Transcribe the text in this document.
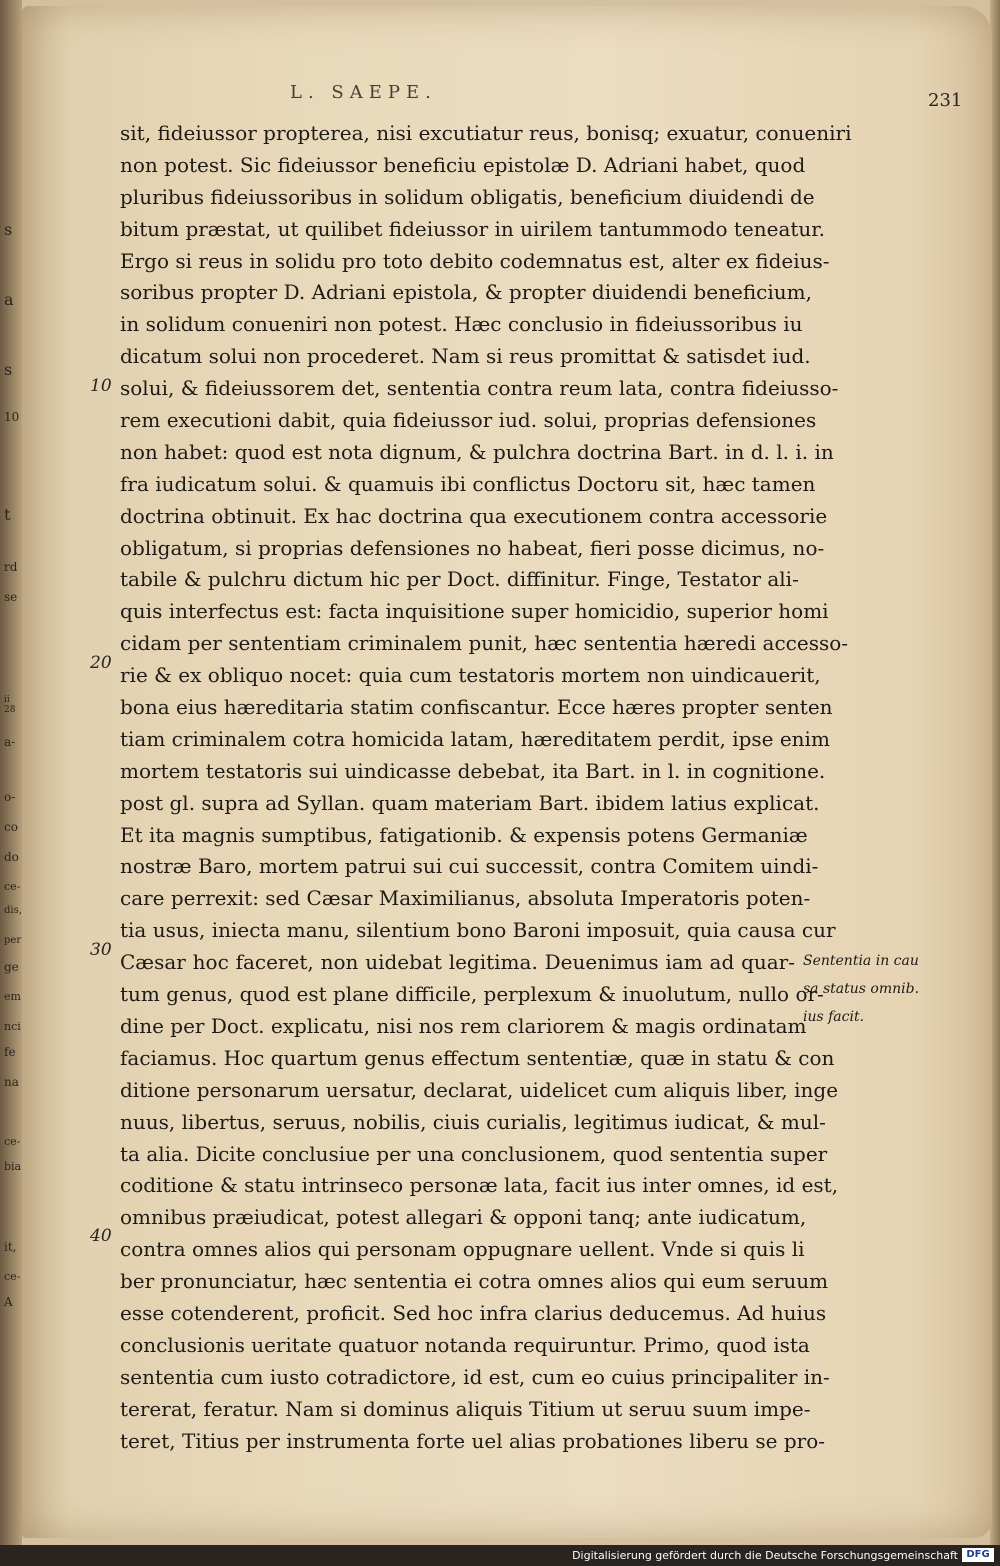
s
a
s
10
t
rd
se
ii 28
a-
o-
co
do
ce-
dis,
per
ge
em
nci
fe
na
ce-
bia
it,
ce-
A
L. SAEPE.	231
10
20
30
40
sit, fideiussor propterea, nisi excutiatur reus, bonisq; exuatur, conueniri
non potest. Sic fideiussor beneficiu epistolæ D. Adriani habet, quod
pluribus fideiussoribus in solidum obligatis, beneficium diuidendi de
bitum præstat, ut quilibet fideiussor in uirilem tantummodo teneatur.
Ergo si reus in solidu pro toto debito codemnatus est, alter ex fideius-
soribus propter D. Adriani epistola, & propter diuidendi beneficium,
in solidum conueniri non potest. Hæc conclusio in fideiussoribus iu
dicatum solui non procederet. Nam si reus promittat & satisdet iud.
solui, & fideiussorem det, sententia contra reum lata, contra fideiusso-
rem executioni dabit, quia fideiussor iud. solui, proprias defensiones
non habet: quod est nota dignum, & pulchra doctrina Bart. in d. l. i. in
fra iudicatum solui. & quamuis ibi conflictus Doctoru sit, hæc tamen
doctrina obtinuit. Ex hac doctrina qua executionem contra accessorie
obligatum, si proprias defensiones no habeat, fieri posse dicimus, no-
tabile & pulchru dictum hic per Doct. diffinitur. Finge, Testator ali-
quis interfectus est: facta inquisitione super homicidio, superior homi
cidam per sententiam criminalem punit, hæc sententia hæredi accesso-
rie & ex obliquo nocet: quia cum testatoris mortem non uindicauerit,
bona eius hæreditaria statim confiscantur. Ecce hæres propter senten
tiam criminalem cotra homicida latam, hæreditatem perdit, ipse enim
mortem testatoris sui uindicasse debebat, ita Bart. in l. in cognitione.
post gl. supra ad Syllan. quam materiam Bart. ibidem latius explicat.
Et ita magnis sumptibus, fatigationib. & expensis potens Germaniæ
nostræ Baro, mortem patrui sui cui successit, contra Comitem uindi-
care perrexit: sed Cæsar Maximilianus, absoluta Imperatoris poten-
tia usus, iniecta manu, silentium bono Baroni imposuit, quia causa cur
Cæsar hoc faceret, non uidebat legitima. Deuenimus iam ad quar-
tum genus, quod est plane difficile, perplexum & inuolutum, nullo or-
dine per Doct. explicatu, nisi nos rem clariorem & magis ordinatam
faciamus. Hoc quartum genus effectum sententiæ, quæ in statu & con
ditione personarum uersatur, declarat, uidelicet cum aliquis liber, inge
nuus, libertus, seruus, nobilis, ciuis curialis, legitimus iudicat, & mul-
ta alia. Dicite conclusiue per una conclusionem, quod sententia super
coditione & statu intrinseco personæ lata, facit ius inter omnes, id est,
omnibus præiudicat, potest allegari & opponi tanq; ante iudicatum,
contra omnes alios qui personam oppugnare uellent. Vnde si quis li
ber pronunciatur, hæc sententia ei cotra omnes alios qui eum seruum
esse cotenderent, proficit. Sed hoc infra clarius deducemus. Ad huius
conclusionis ueritate quatuor notanda requiruntur. Primo, quod ista
sententia cum iusto cotradictore, id est, cum eo cuius principaliter in-
tererat, feratur. Nam si dominus aliquis Titium ut seruu suum impe-
teret, Titius per instrumenta forte uel alias probationes liberu se pro-
Sententia in cau
sa status omnib.
ius facit.
Digitalisierung gefördert durch die Deutsche Forschungsgemeinschaft DFG
